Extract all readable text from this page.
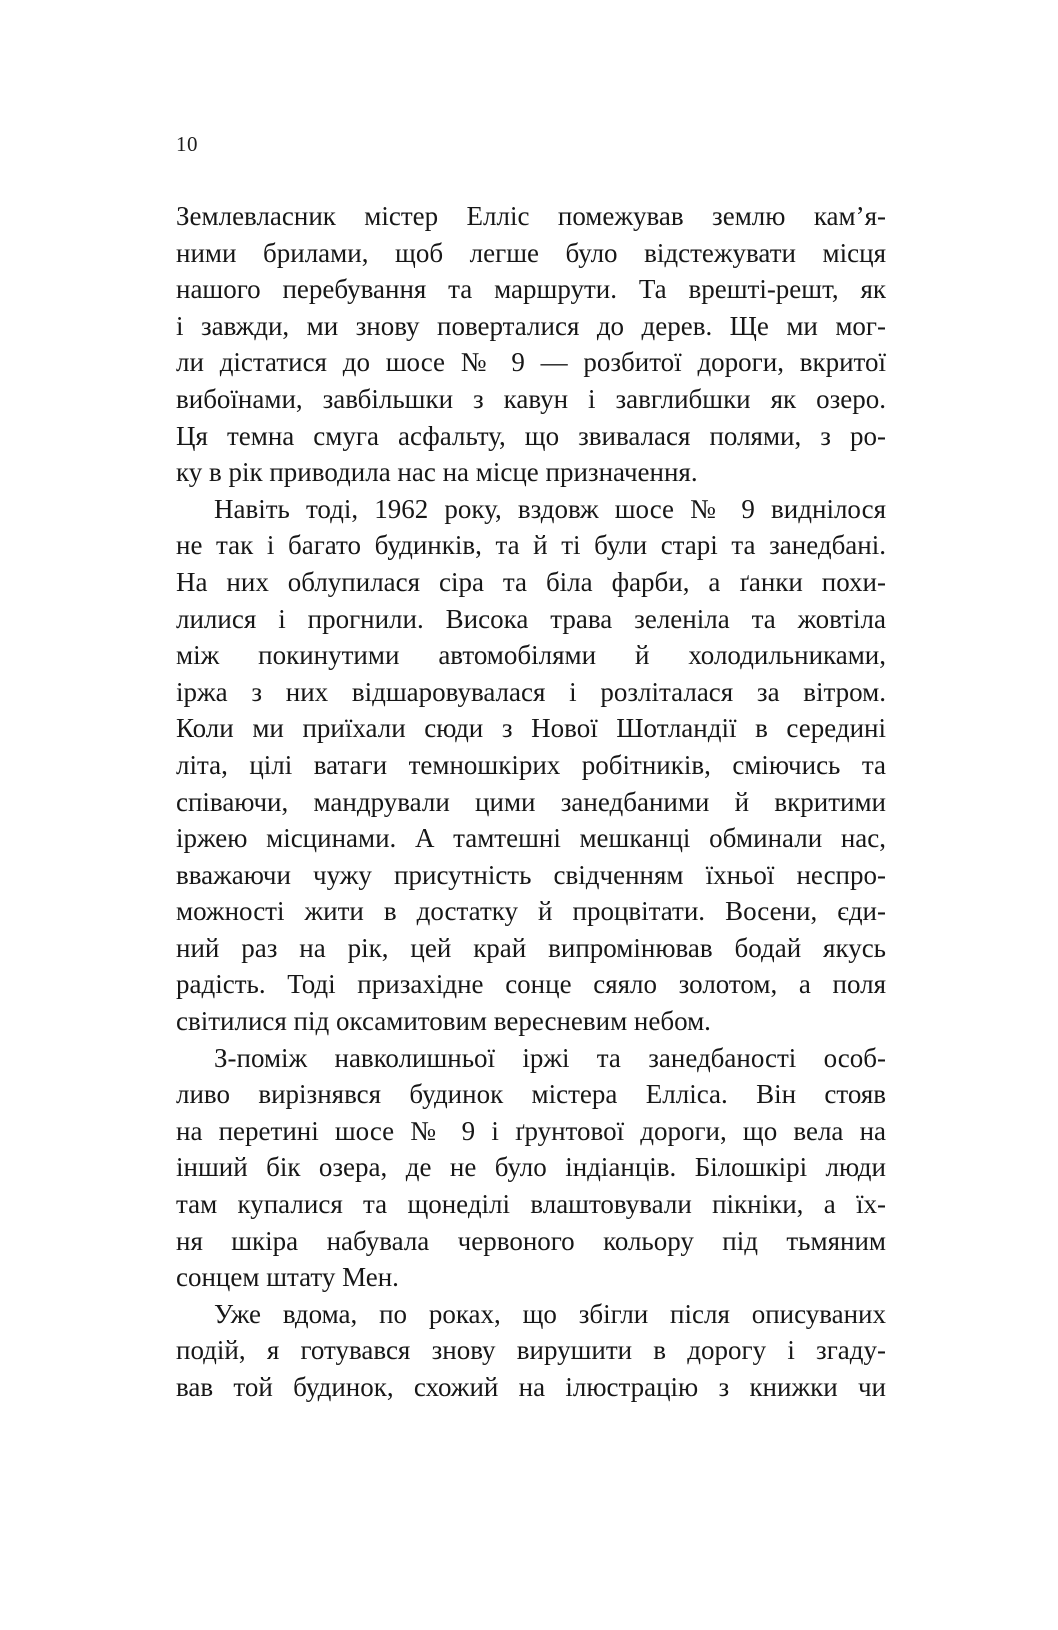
10
Землевласник містер Елліс помежував землю кам’я-
ними брилами, щоб легше було відстежувати місця
нашого перебування та маршрути. Та врешті-решт, як
і завжди, ми знову поверталися до дерев. Ще ми мог-
ли дістатися до шосе № 9 — розбитої дороги, вкритої
вибоїнами, завбільшки з кавун і завглибшки як озеро.
Ця темна смуга асфальту, що звивалася полями, з ро-
ку в рік приводила нас на місце призначення.
Навіть тоді, 1962 року, вздовж шосе № 9 виднілося
не так і багато будинків, та й ті були старі та занедбані.
На них облупилася сіра та біла фарби, а ґанки похи-
лилися і прогнили. Висока трава зеленіла та жовтіла
між покинутими автомобілями й холодильниками,
іржа з них відшаровувалася і розліталася за вітром.
Коли ми приїхали сюди з Нової Шотландії в середині
літа, цілі ватаги темношкірих робітників, сміючись та
співаючи, мандрували цими занедбаними й вкритими
іржею місцинами. А тамтешні мешканці обминали нас,
вважаючи чужу присутність свідченням їхньої неспро-
можності жити в достатку й процвітати. Восени, єди-
ний раз на рік, цей край випромінював бодай якусь
радість. Тоді призахідне сонце сяяло золотом, а поля
світилися під оксамитовим вересневим небом.
З-поміж навколишньої іржі та занедбаності особ-
ливо вирізнявся будинок містера Елліса. Він стояв
на перетині шосе № 9 і ґрунтової дороги, що вела на
інший бік озера, де не було індіанців. Білошкірі люди
там купалися та щонеділі влаштовували пікніки, а їх-
ня шкіра набувала червоного кольору під тьмяним
сонцем штату Мен.
Уже вдома, по роках, що збігли після описуваних
подій, я готувався знову вирушити в дорогу і згаду-
вав той будинок, схожий на ілюстрацію з книжки чи
